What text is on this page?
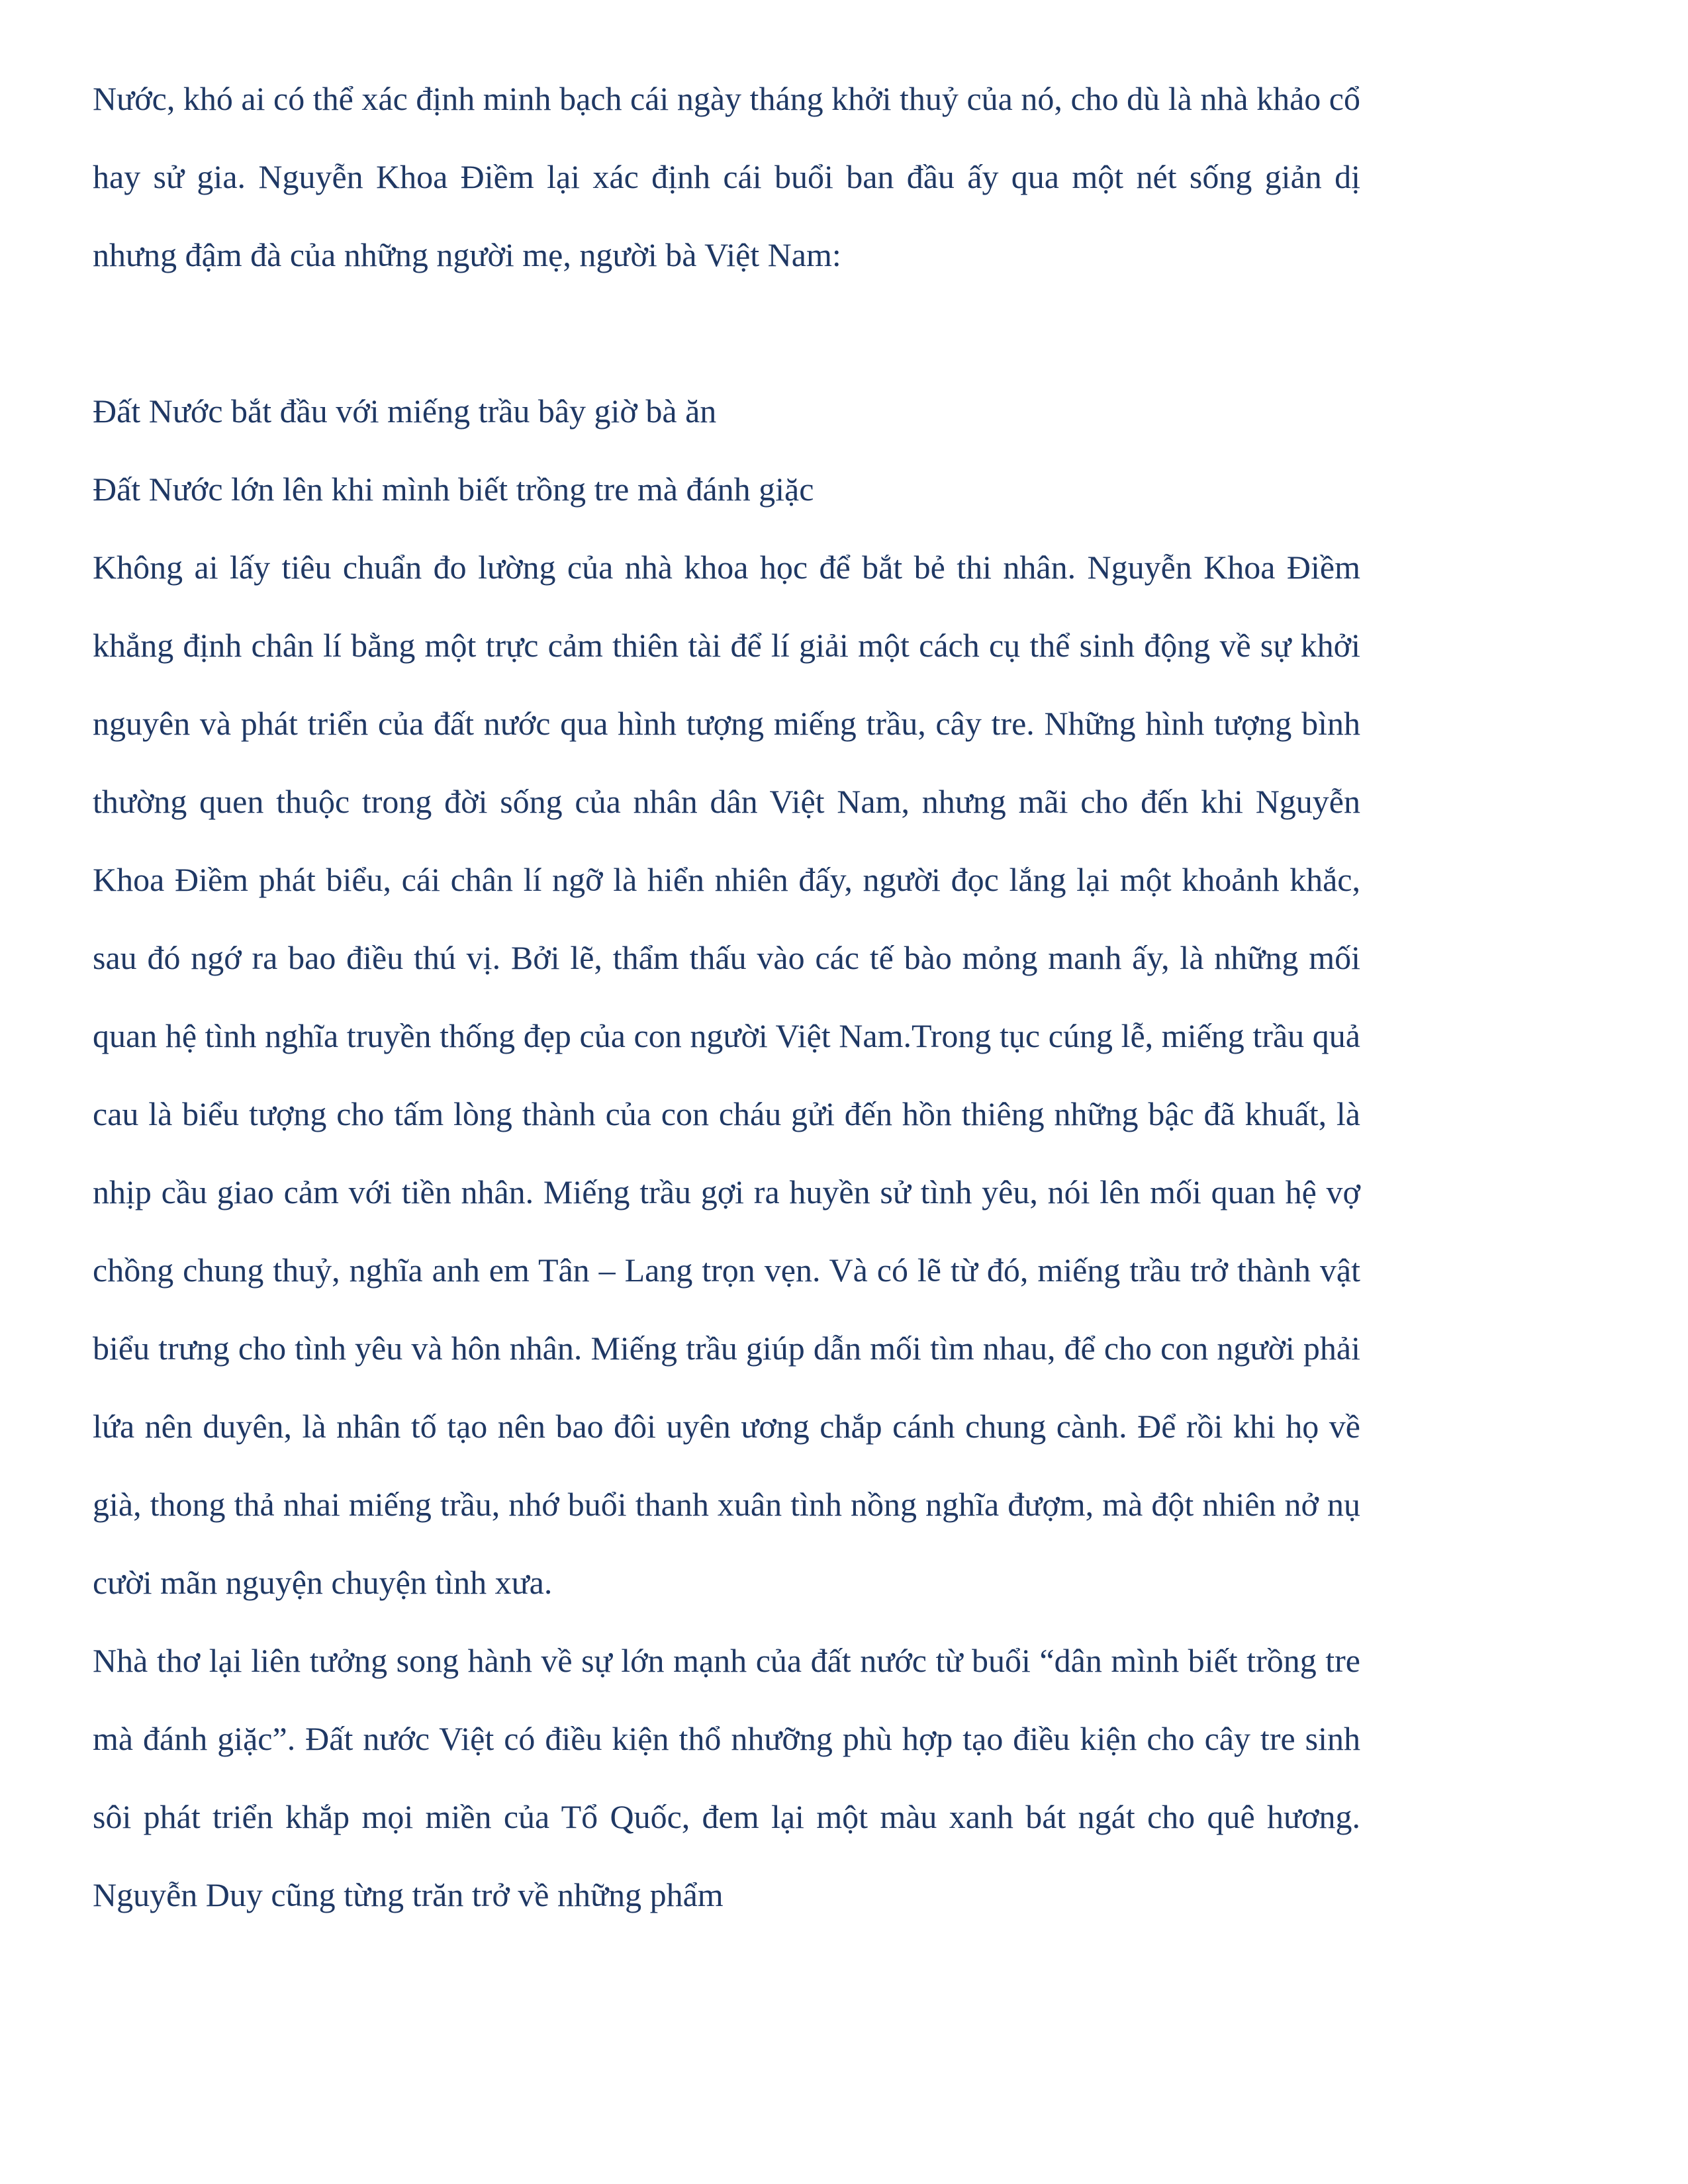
Nước, khó ai có thể xác định minh bạch cái ngày tháng khởi thuỷ của nó, cho dù là nhà khảo cổ hay sử gia. Nguyễn Khoa Điềm lại xác định cái buổi ban đầu ấy qua một nét sống giản dị nhưng đậm đà của những người mẹ, người bà Việt Nam:

Đất Nước bắt đầu với miếng trầu bây giờ bà ăn

Đất Nước lớn lên khi mình biết trồng tre mà đánh giặc

Không ai lấy tiêu chuẩn đo lường của nhà khoa học để bắt bẻ thi nhân. Nguyễn Khoa Điềm khẳng định chân lí bằng một trực cảm thiên tài để lí giải một cách cụ thể sinh động về sự khởi nguyên và phát triển của đất nước qua hình tượng miếng trầu, cây tre. Những hình tượng bình thường quen thuộc trong đời sống của nhân dân Việt Nam, nhưng mãi cho đến khi Nguyễn Khoa Điềm phát biểu, cái chân lí ngỡ là hiển nhiên đấy, người đọc lắng lại một khoảnh khắc, sau đó ngớ ra bao điều thú vị. Bởi lẽ, thẩm thấu vào các tế bào mỏng manh ấy, là những mối quan hệ tình nghĩa truyền thống đẹp của con người Việt Nam.Trong tục cúng lễ, miếng trầu quả cau là biểu tượng cho tấm lòng thành của con cháu gửi đến hồn thiêng những bậc đã khuất, là nhịp cầu giao cảm với tiền nhân. Miếng trầu gợi ra huyền sử tình yêu, nói lên mối quan hệ vợ chồng chung thuỷ, nghĩa anh em Tân – Lang trọn vẹn. Và có lẽ từ đó, miếng trầu trở thành vật biểu trưng cho tình yêu và hôn nhân. Miếng trầu giúp dẫn mối tìm nhau, để cho con người phải lứa nên duyên, là nhân tố tạo nên bao đôi uyên ương chắp cánh chung cành. Để rồi khi họ về già, thong thả nhai miếng trầu, nhớ buổi thanh xuân tình nồng nghĩa đượm, mà đột nhiên nở nụ cười mãn nguyện chuyện tình xưa.

Nhà thơ lại liên tưởng song hành về sự lớn mạnh của đất nước từ buổi “dân mình biết trồng tre mà đánh giặc”. Đất nước Việt có điều kiện thổ nhưỡng phù hợp tạo điều kiện cho cây tre sinh sôi phát triển khắp mọi miền của Tổ Quốc, đem lại một màu xanh bát ngát cho quê hương. Nguyễn Duy cũng từng trăn trở về những phẩm
